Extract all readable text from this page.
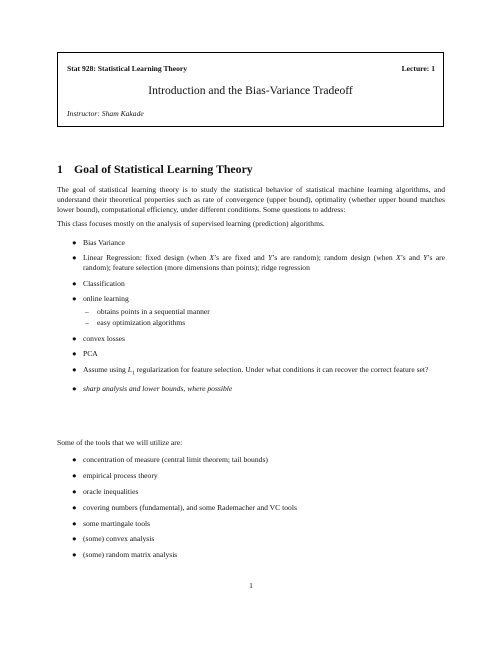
Stat 928: Statistical Learning Theory	Lecture: 1
Introduction and the Bias-Variance Tradeoff
Instructor: Sham Kakade
1 Goal of Statistical Learning Theory
The goal of statistical learning theory is to study the statistical behavior of statistical machine learning algorithms, and understand their theoretical properties such as rate of convergence (upper bound), optimality (whether upper bound matches lower bound), computational efficiency, under different conditions. Some questions to address:
This class focuses mostly on the analysis of supervised learning (prediction) algorithms.
● Bias Variance
● Linear Regression: fixed design (when X’s are fixed and Y’s are random); random design (when X’s and Y’s are random); feature selection (more dimensions than points); ridge regression
● Classification
● online learning
– obtains points in a sequential manner
– easy optimization algorithms
● convex losses
● PCA
● Assume using $L_1$ regularization for feature selection. Under what conditions it can recover the correct feature set?
● sharp analysis and lower bounds, where possible
Some of the tools that we will utilize are:
● concentration of measure (central limit theorem; tail bounds)
● empirical process theory
● oracle inequalities
● covering numbers (fundamental), and some Rademacher and VC tools
● some martingale tools
● (some) convex analysis
● (some) random matrix analysis
1
